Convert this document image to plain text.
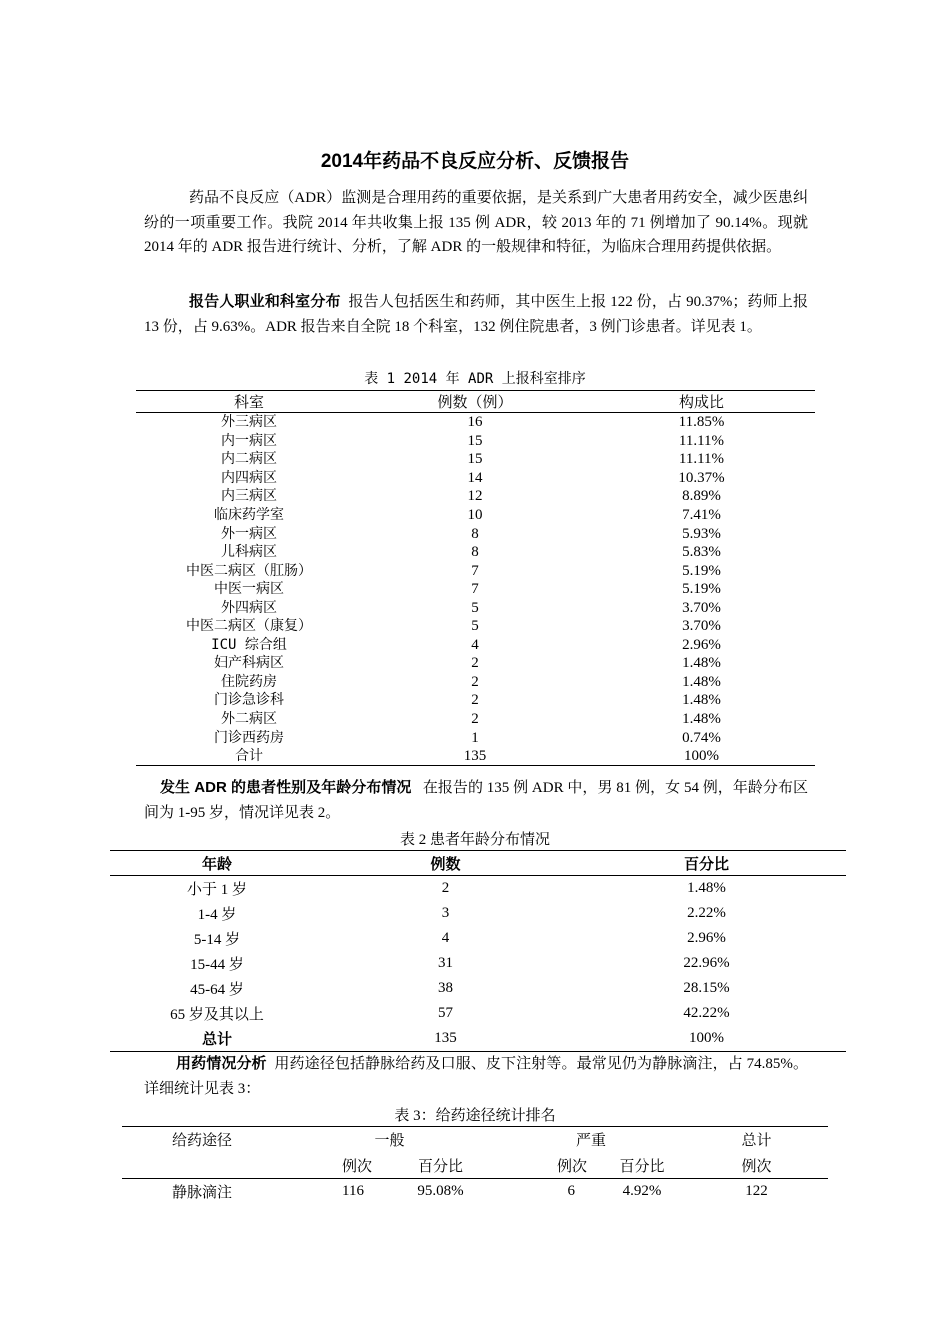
2014年药品不良反应分析、反馈报告

药品不良反应（ADR）监测是合理用药的重要依据，是关系到广大患者用药安全，减少医患纠纷的一项重要工作。我院 2014 年共收集上报 135 例 ADR，较 2013 年的 71 例增加了 90.14%。现就 2014 年的 ADR 报告进行统计、分析，了解 ADR 的一般规律和特征，为临床合理用药提供依据。

报告人职业和科室分布 报告人包括医生和药师，其中医生上报 122 份，占 90.37%；药师上报 13 份，占 9.63%。ADR 报告来自全院 18 个科室，132 例住院患者，3 例门诊患者。详见表 1。

表 1 2014 年 ADR 上报科室排序
科室	例数（例）	构成比
外三病区	16	11.85%
内一病区	15	11.11%
内二病区	15	11.11%
内四病区	14	10.37%
内三病区	12	8.89%
临床药学室	10	7.41%
外一病区	8	5.93%
儿科病区	8	5.83%
中医二病区（肛肠）	7	5.19%
中医一病区	7	5.19%
外四病区	5	3.70%
中医二病区（康复）	5	3.70%
ICU 综合组	4	2.96%
妇产科病区	2	1.48%
住院药房	2	1.48%
门诊急诊科	2	1.48%
外二病区	2	1.48%
门诊西药房	1	0.74%
合计	135	100%

发生 ADR 的患者性别及年龄分布情况 在报告的 135 例 ADR 中，男 81 例，女 54 例，年龄分布区间为 1-95 岁，情况详见表 2。

表 2 患者年龄分布情况
年龄	例数	百分比
小于 1 岁	2	1.48%
1-4 岁	3	2.22%
5-14 岁	4	2.96%
15-44 岁	31	22.96%
45-64 岁	38	28.15%
65 岁及其以上	57	42.22%
总计	135	100%

用药情况分析 用药途径包括静脉给药及口服、皮下注射等。最常见仍为静脉滴注，占 74.85%。详细统计见表 3：

表 3：给药途径统计排名
给药途径	一般		严重		总计
	例次	百分比	例次	百分比	例次
静脉滴注	116	95.08%	6	4.92%	122
